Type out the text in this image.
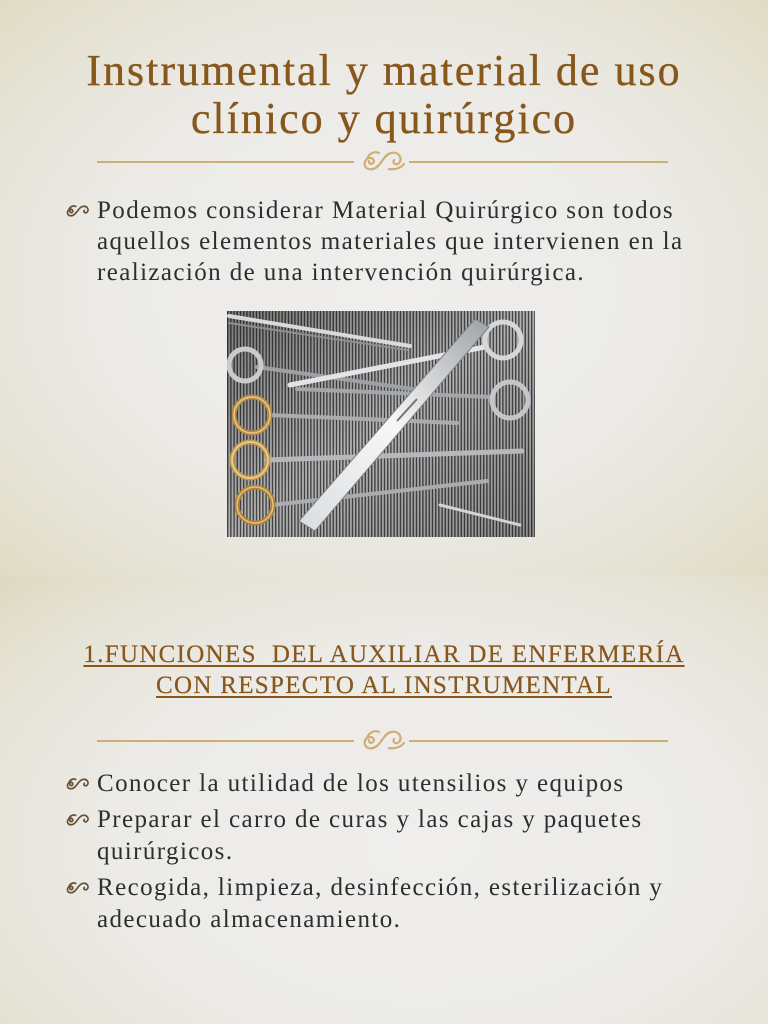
Instrumental y material de uso
clínico y quirúrgico
Podemos considerar Material Quirúrgico son todos
aquellos elementos materiales que intervienen en la
realización de una intervención quirúrgica.
1.FUNCIONES  DEL AUXILIAR DE ENFERMERÍA
CON RESPECTO AL INSTRUMENTAL
Conocer la utilidad de los utensilios y equipos
Preparar el carro de curas y las cajas y paquetes
quirúrgicos.
Recogida, limpieza, desinfección, esterilización y
adecuado almacenamiento.
